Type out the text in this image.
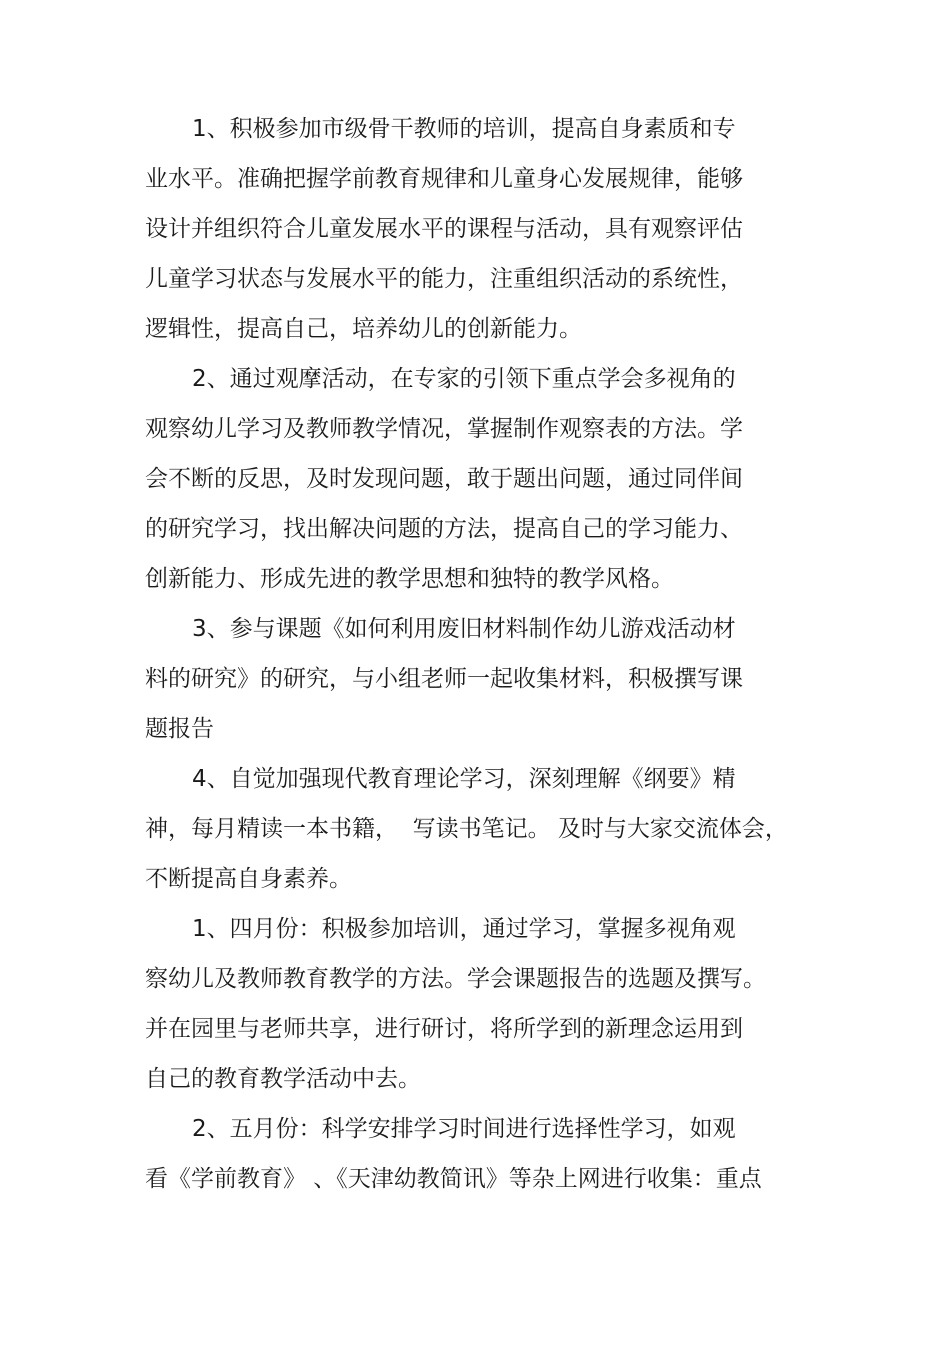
1、积极参加市级骨干教师的培训，提高自身素质和专
业水平。准确把握学前教育规律和儿童身心发展规律，能够
设计并组织符合儿童发展水平的课程与活动，具有观察评估
儿童学习状态与发展水平的能力，注重组织活动的系统性，
逻辑性，提高自己，培养幼儿的创新能力。
2、通过观摩活动，在专家的引领下重点学会多视角的
观察幼儿学习及教师教学情况，掌握制作观察表的方法。学
会不断的反思，及时发现问题，敢于题出问题，通过同伴间
的研究学习，找出解决问题的方法，提高自己的学习能力、
创新能力、形成先进的教学思想和独特的教学风格。
3、参与课题《如何利用废旧材料制作幼儿游戏活动材
料的研究》的研究，与小组老师一起收集材料，积极撰写课
题报告
4、自觉加强现代教育理论学习，深刻理解《纲要》精
神，每月精读一本书籍，  写读书笔记。 及时与大家交流体会，
不断提高自身素养。
1、四月份：积极参加培训，通过学习，掌握多视角观
察幼儿及教师教育教学的方法。学会课题报告的选题及撰写。
并在园里与老师共享，进行研讨，将所学到的新理念运用到
自己的教育教学活动中去。
2、五月份：科学安排学习时间进行选择性学习，如观
看《学前教育》 、《天津幼教简讯》等杂上网进行收集：重点
